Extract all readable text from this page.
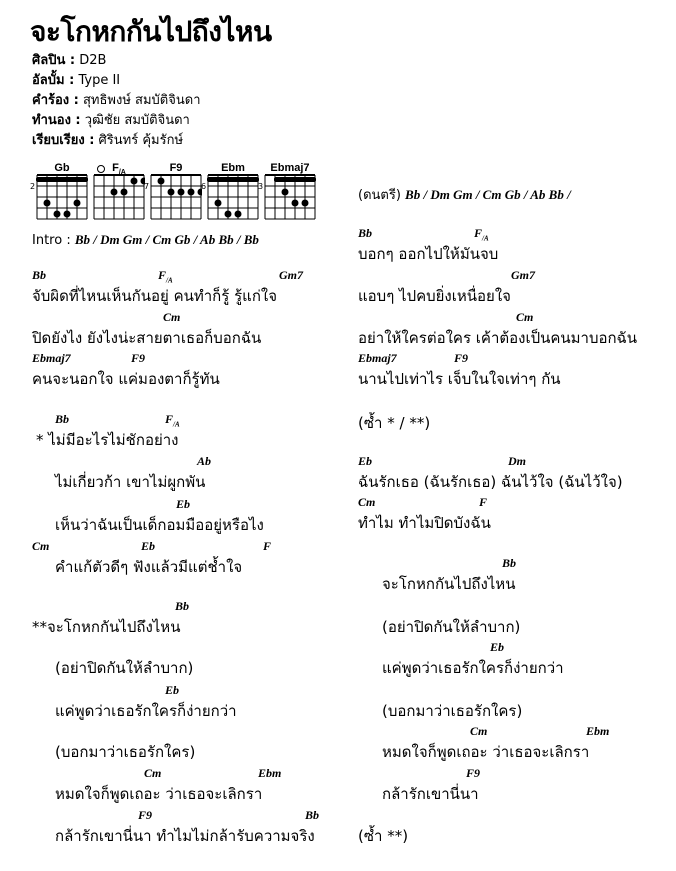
จะโกหกกันไปถึงไหน
ศิลปิน : D2B
อัลบั้ม : Type II
คำร้อง : สุทธิพงษ์ สมบัติจินดา
ทำนอง : วุฒิชัย สมบัติจินดา
เรียบเรียง : ศิรินทร์ คุ้มรักษ์
Gb
2
$F_{/A}$	F9
7
Ebm
6
Ebmaj7
3
Intro : Bb / Dm Gm / Cm Gb / Ab Bb / Bb
Bb	$F_{/A}$	Gm7
จับผิดที่ไหนเห็นกันอยู่ คนทำก็รู้ รู้แก่ใจ
Cm
ปิดยังไง ยังไงน่ะสายตาเธอก็บอกฉัน
Ebmaj7	F9
คนจะนอกใจ แค่มองตาก็รู้ทัน
Bb	$F_{/A}$
* ไม่มีอะไรไม่ชักอย่าง
Ab
ไม่เกี่ยวก้า เขาไม่ผูกพัน
Eb
เห็นว่าฉันเป็นเด็กอมมืออยู่หรือไง
Cm	Eb	F
คำแก้ตัวดีๆ ฟังแล้วมีแต่ช้ำใจ
Bb
**จะโกหกกันไปถึงไหน
(อย่าปิดกันให้ลำบาก)
Eb
แค่พูดว่าเธอรักใครก็ง่ายกว่า
(บอกมาว่าเธอรักใคร)
Cm	Ebm
หมดใจก็พูดเถอะ ว่าเธอจะเลิกรา
F9	Bb
กล้ารักเขานี่นา ทำไมไม่กล้ารับความจริง
(ดนตรี) Bb / Dm Gm / Cm Gb / Ab Bb /
Bb	$F_{/A}$
บอกๆ ออกไปให้มันจบ
Gm7
แอบๆ ไปคบยิ่งเหนื่อยใจ
Cm
อย่าให้ใครต่อใคร เค้าต้องเป็นคนมาบอกฉัน
Ebmaj7	F9
นานไปเท่าไร เจ็บในใจเท่าๆ กัน
(ซ้ำ * / **)
Eb	Dm
ฉันรักเธอ (ฉันรักเธอ) ฉันไว้ใจ (ฉันไว้ใจ)
Cm	F
ทำไม ทำไมปิดบังฉัน
Bb
จะโกหกกันไปถึงไหน
(อย่าปิดกันให้ลำบาก)
Eb
แค่พูดว่าเธอรักใครก็ง่ายกว่า
(บอกมาว่าเธอรักใคร)
Cm	Ebm
หมดใจก็พูดเถอะ ว่าเธอจะเลิกรา
F9
กล้ารักเขานี่นา
(ซ้ำ **)
